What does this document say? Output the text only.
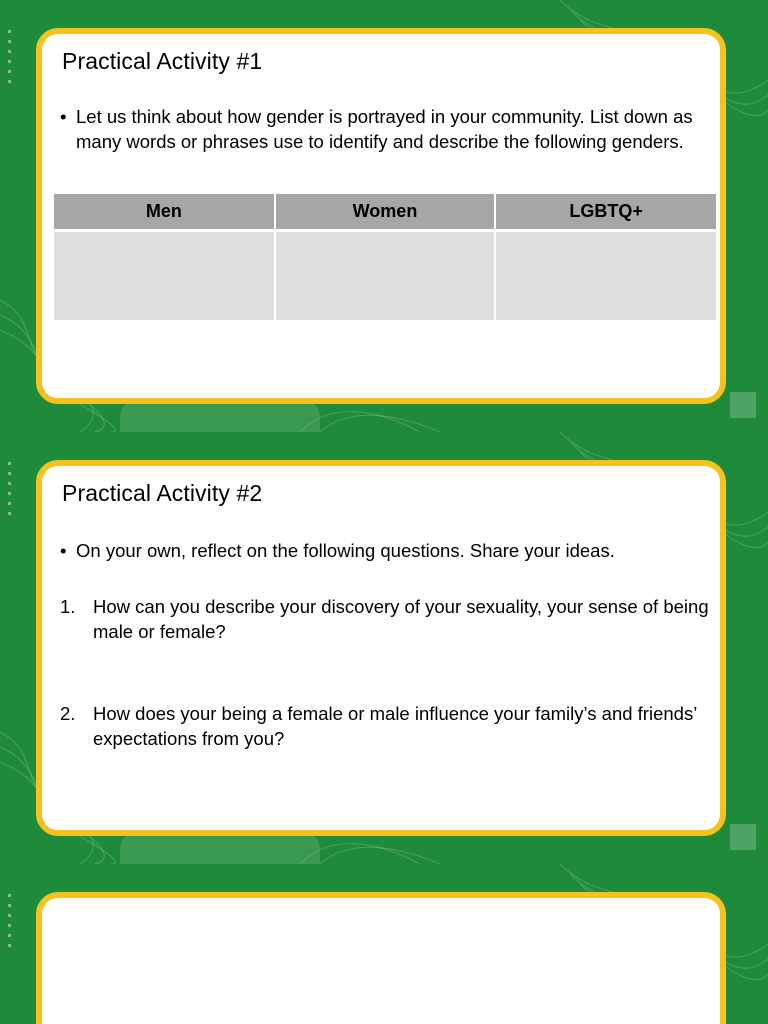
Practical Activity #1
• Let us think about how gender is portrayed in your community. List down as many words or phrases use to identify and describe the following genders.
Men	Women	LGBTQ+

Practical Activity #2
• On your own, reflect on the following questions. Share your ideas.
1. How can you describe your discovery of your sexuality, your sense of being male or female?
2. How does your being a female or male influence your family’s and friends’ expectations from you?
